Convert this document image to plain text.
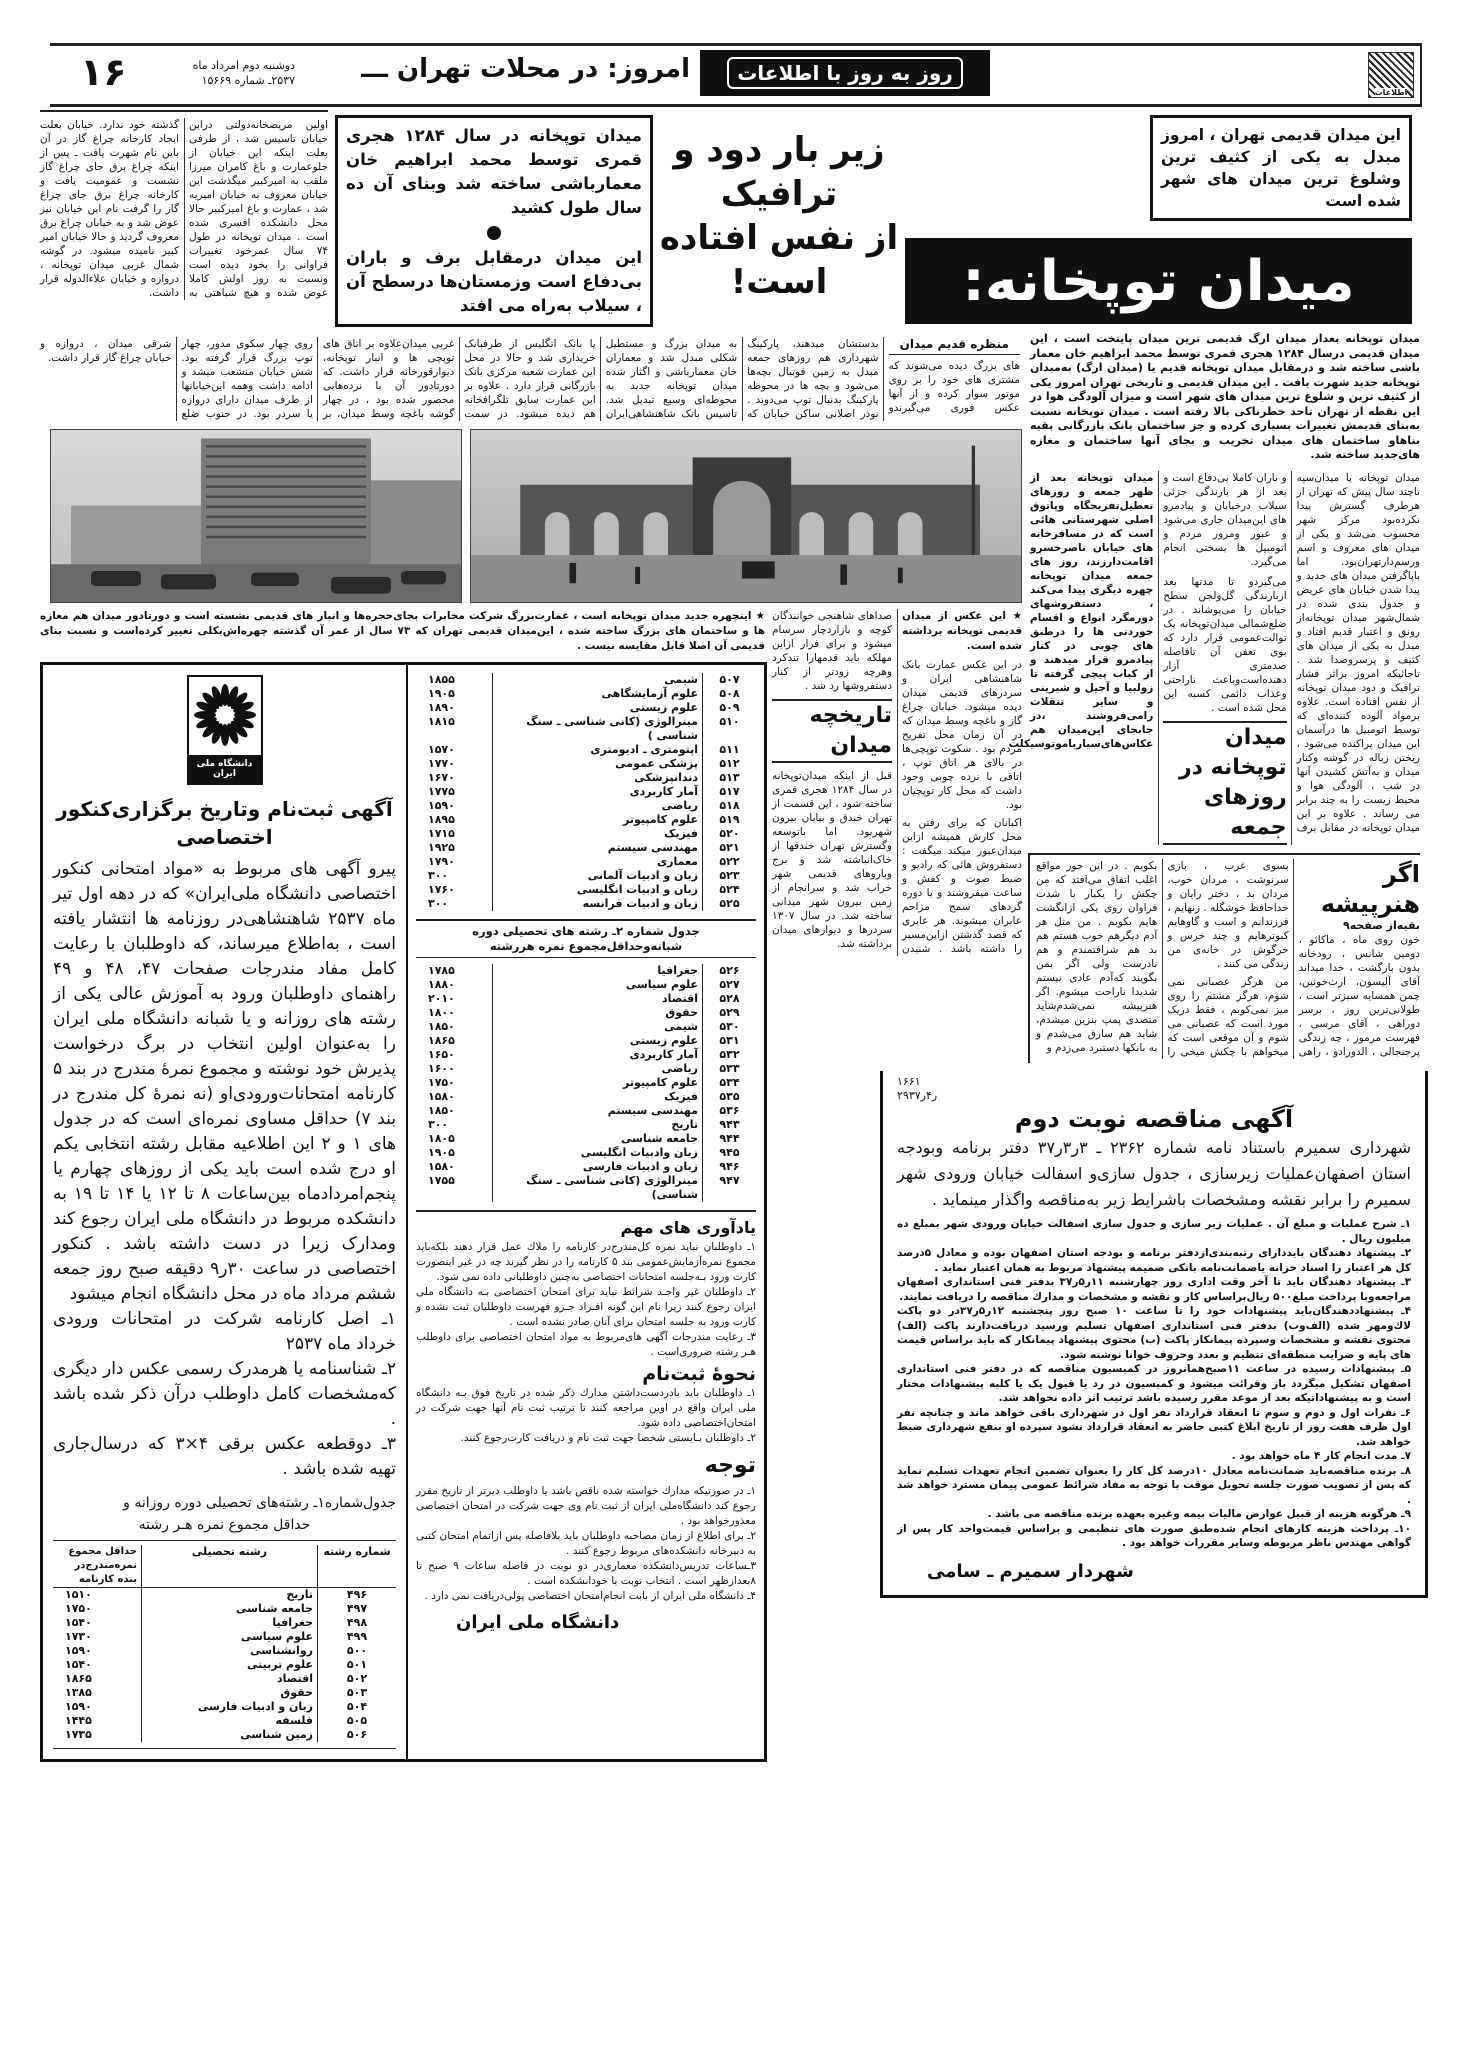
اطلاعات
روز به روز با اطلاعات
امروز: در محلات تهران ـــ
دوشنبه دوم امرداد ماه
۲۵۳۷ـ شماره ۱۵۶۶۹
۱۶
این میدان قدیمی تهران ، امروز مبدل به یکی از کثیف ترین وشلوغ ترین میدان های شهر شده است
میدان توپخانه:
زیر بار دود و ترافیک
از نفس افتاده است!
میدان توپخانه در سال ۱۲۸۴ هجری قمری توسط محمد ابراهیم خان معمارباشی ساخته شد وبنای آن ده سال طول کشید
این میدان درمقابل برف و باران بی‌دفاع است وزمستان‌ها درسطح آن ، سیلاب به‌راه می افتد
اولین مریضخانه‌دولتی دراین خیابان تاسیس شد ، از طرفی بعلت اینکه این خیابان از جلوعمارت و باغ کامران میرزا ملقب به امیرکبیر میگذشت این خیابان معروف به خیابان امیریه شد ، عمارت و باغ امیرکبیر حالا محل دانشکده افسری شده است . میدان توپخانه در طول ۷۴ سال عمرخود تغییرات فراوانی را بخود دیده است ونسبت به روز اولش کاملا عوض شده و هیچ شباهتی به گذشته خود ندارد. خیابان بعلت ایجاد کارخانه چراغ گاز در آن باین نام شهرت یافت ـ پس از اینکه چراغ برق جای چراغ گاز نشست و عمومیت یافت و کارخانه چراغ برق جای چراغ گاز را گرفت نام این خیابان نیز عوض شد و به خیابان چراغ برق معروف گردید و حالا خیابان امیر کبیر نامیده میشود. در گوشه شمال غربی میدان توپخانه ، دروازه و خیابان علاءالدوله قرار داشت.
میدان توپخانه بعداز میدان ارگ قدیمی ترین میدان پایتخت است ، این میدان قدیمی درسال ۱۲۸۴ هجری قمری توسط محمد ابراهیم خان معمار باشی ساخته شد و درمقابل میدان توپخانه قدیم یا (میدان ارگ) به‌میدان توپخانه جدید شهرت یافت . این میدان قدیمی و تاریخی تهران امروز یکی از کثیف ترین و شلوغ ترین میدان های شهر است و میزان آلودگی هوا در این نقطه از تهران تاحد خطرناکی بالا رفته است . میدان توپخانه نسبت به‌بنای قدیمش تغییرات بسیاری کرده و جز ساختمان بانک بازرگانی بقیه بناهاو ساختمان های میدان تخریب و بجای آنها ساختمان و مغازه های‌جدید ساخته شد.
منظره قدیم میدان
های بزرگ دیده می‌شوند که مشتری های خود را بر روی موتور سوار کرده و از آنها عکس فوری می‌گیرندو بدستشان میدهند، پارکینگ شهرداری هم روزهای جمعه مبدل به زمین فوتبال بچه‌ها می‌شود و بچه ها در محوطه پارکینگ بدنبال توپ می‌دوند . نوذر اصلانی ساکن خیابان که به میدان بزرگ و مستطیل شکلی مبدل شد و معماران خان معمارباشی و اگثار شده میدان توپخانه جدید به محوطه‌ای وسیع تبدیل شد. تاسیس بانک شاهنشاهی‌ایران یا بانک انگلیس از طرفبانک خریداری شد و حالا در محل این عمارت شعبه مرکزی بانک بازرگانی قرار دارد . علاوه بر این عمارت سابق تلگرافخانه هم دیده میشود. در سمت غربی میدان‌علاوه بر اتاق های توپچی ها و انبار توپخانه، دیوارقورخانه قرار داشت. که دورتادور آن با نرده‌هایی محصور شده بود ، در چهار گوشه باغچه وسط میدان، بر روی چهار سکوی مدور، چهار توپ بزرگ قرار گرفته بود. شش خیابان منشعب میشد و ادامه داشت وهمه این‌خیابانها از طرف میدان دارای دروازه یا سردر بود. در جنوب ضلع شرقی میدان ، دروازه و خیابان چراغ گاز قرار داشت.
میدان توپخانه یا میدان‌سپه تاچند سال پیش که تهران از هرطرف گسترش پیدا نکرده‌بود مرکز شهر محسوب می‌شد و یکی از میدان های معروف و اسم ورسم‌دارتهران‌بود. اما باپاگرفتن میدان های جدید و پیدا شدن خیابان های عریض و جدول بندی شده در شمال‌شهر میدان توپخانه‌از رونق و اعتبار قدیم افتاد و مبدل به یکی از میدان های کثیف و پرسروصدا شد . تاجائیکه امروز براثر فشار ترافیک و دود میدان توپخانه از نفس افتاده است. علاوه برمواد آلوده کننده‌ای که توسط اتومبیل ها درآسمان این میدان پراکنده می‌شود ، ریختن زباله در گوشه وکنار میدان و به‌آتش کشیدن آنها در شب ، آلودگی هوا و محیط زیست را به چند برابر می رساند . علاوه بر این میدان توپخانه در مقابل برف و باران کاملا بی‌دفاع است و بعد از هر بارندگی جزئی سیلاب درخیابان و پیادمرو های این‌میدان جاری می‌شود و عبور ومرور مردم و اتومبیل ها بسختی انجام می‌گیرد.
می‌گیردو تا مدتها بعد ازبارندگی گل‌ولجن سطح خیابان را می‌پوشاند . در ضلع‌شمالی میدان‌توپخانه یک توالت‌عمومی قرار دارد که بوی تعفن آن تافاصله صدمتری آزار دهنده‌است‌وباعث ناراحتی وعذاب دائمی کسبه این محل شده است .
میدان توپخانه در روزهای جمعه
میدان توپخانه بعد از ظهر جمعه و روزهای تعطیل‌تفریحگاه وپاتوق اصلی شهرستانی هائی است که در مسافرخانه های خیابان ناصرخسرو اقامت‌دارزند، روز های جمعه میدان توپخانه چهره دیگری پیدا می‌کند ، دستفروشهای دورمگرد انواع و اقسام خوردنی ها را درطبق های چوبی در کنار پیادمرو قرار میدهند و از کباب پیچی گرفته تا زولبیا و آجیل و شیرینی و سایر تنقلات رامی‌فروشند ،در جابجای این‌میدان هم عکاس‌های‌سیارباموتوسیکلت
★ اینچهره جدید میدان توپخانه است ، عمارت‌بزرگ شرکت مخابرات بجای‌حجره‌ها و انبار های قدیمی نشسته است و دورتادور میدان هم مغازه ها و ساختمان های بزرگ ساخته شده ، این‌میدان قدیمی تهران که ۷۳ سال از عمر آن گذشته چهره‌اش‌بکلی تغییر کرده‌است و نسبت بنای قدیمی آن اصلا قابل مقایسه نیست .
★ این عکس از میدان قدیمی توپخانه برداشته شده است.
در این عکس عمارت بانک شاهنشاهی ایران و سردرهای قدیمی میدان دیده میشود. خیابان چراغ گاز و باغچه وسط میدان که در آن زمان محل تفریح مردم بود . سکوت توپچی‌ها در بالای هر اتاق توپ ، اتاقی با نرده چوبی وجود داشت که محل کار توپچیان بود.
اکبانان که برای رفتن به محل کارش همیشه ازاین میدان‌عبور میکند میگفت : دستفروش هائی که رادیو و ضبط صوت و کفش و ساعت میفروشند و یا دوره گردهای سمج مزاحم عابران میشوند. هر عابری که قصد گذشتن ازاین‌مسیر را داشته باشد . شنیدن صداهای شاهنجی خوانندگان کوچه و بازاردچار سرسام میشود و برای فرار ازاین مهلکه باید قدمهارا تندکرد وهرچه زودتر از کنار دستفروشها رد شد .
تاریخچه میدان
قبل از اینکه میدان‌توپخانه در سال ۱۲۸۴ هجری قمری ساخته شود ، این قسمت از تهران خندق و بیابان بیرون شهربود. اما باتوسعه وگسترش تهران خندقها از خاک‌انباشته شد و برج وباروهای قدیمی شهر خراب شد و سرانجام از زمین بیرون شهر میدانی ساخته شد. در سال ۱۳۰۷ سردرها و دیوارهای میدان برداشته شد.
اگر هنرپیشه
بقیه‌از صفحه۹
خون روی ماه ، ماکائو ، دومین شانس ، رودخانه بدون بازگشت ، خدا میداند آقای آلیسون، ارث‌خونین، چمن همسایه سبزتر است ، طولانی‌ترین روز ، برسر دوراهی ، آقای مرسی ، فهرست مرموز ، چه زندگی پرجنجالی ، الدورادو ، راهی بسوی غرب ، بازی سرنوشت ، مردان خوب، مردان بد ، دختر رایان و خداحافظ خوشگله . زنهایم ، فرزندانم و اسب و گاوهایم کبوترهایم و چند خرس و خرگوش در خانه‌ی من زندگی می کنند .
من هرگز عصبانی نمی شوم، هرگز مشتم را روی میز نمی‌کوبم ، فقط دریک مورد است که عصبانی می شوم و آن موقعی است که میخواهم با چکش میخی را بکوبم . در این جور مواقع اغلب اتفاق می‌افتد که من چکش را یکبار با شدت فراوان روی یکی ازانگشت هایم بکوبم . من مثل هر آدم دیگرهم خوب هستم هم بد هم شرافتمندم و هم نادرست ولی اگر بمن بگویند که‌آدم عادی نیستم شدیدا ناراحت میشوم. اگر هنرپیشه نمی‌شدم‌شاید متصدی پمپ بنزین میشدم، شاید هم سارق می‌شدم و به بانکها دستبرد می‌زدم و
۵۰۷	شیمی	۱۸۵۵
۵۰۸	علوم آزمایشگاهی	۱۹۰۵
۵۰۹	علوم زیستی	۱۸۹۰
۵۱۰	مینرالوژی (کانی شناسی ـ سنگ شناسی )	۱۸۱۵
۵۱۱	اپتومتری ـ ادیومتری	۱۵۷۰
۵۱۲	پزشکی عمومی	۱۷۷۰
۵۱۳	دندانپزشکی	۱۶۷۰
۵۱۷	آمار کاربردی	۱۷۷۵
۵۱۸	ریاضی	۱۵۹۰
۵۱۹	علوم کامپیوتر	۱۸۹۵
۵۲۰	فیزیک	۱۷۱۵
۵۲۱	مهندسی سیستم	۱۹۲۵
۵۲۲	معماری	۱۷۹۰
۵۲۳	زبان و ادبیات آلمانی	۳۰۰
۵۲۴	زبان و ادبیات انگلیسی	۱۷۶۰
۵۲۵	زبان و ادبیات فرانسه	۳۰۰
جدول شماره ۲ـ رشته های تحصیلی دوره شبانه‌وحداقل‌مجموع نمره هررشته
۵۲۶	جغرافیا	۱۷۸۵
۵۲۷	علوم سیاسی	۱۸۸۰
۵۲۸	اقتصاد	۲۰۱۰
۵۲۹	حقوق	۱۸۰۰
۵۳۰	شیمی	۱۸۵۰
۵۳۱	علوم زیستی	۱۸۶۵
۵۳۲	آمار کاربردی	۱۶۵۰
۵۳۳	ریاضی	۱۶۰۰
۵۳۴	علوم کامپیوتر	۱۷۵۰
۵۳۵	فیزیک	۱۵۸۰
۵۳۶	مهندسی سیستم	۱۸۵۰
۹۴۳	تاریخ	۳۰۰
۹۴۴	جامعه شناسی	۱۸۰۵
۹۴۵	زبان وادبیات انگلیسی	۱۹۰۵
۹۴۶	زبان و ادبیات فارسی	۱۵۸۰
۹۴۷	مینرالوژی (کانی شناسی ـ سنگ شناسی)	۱۷۵۵
یادآوری های مهم
۱ـ داوطلبان نباید نمره کل‌مندرج‌در کارنامه را ملاك عمل قرار دهند بلکه‌باید مجموع نمره‌آزمایش‌عمومی بند ۵ کارنامه را در نظر گیرند چه در غیر اینصورت کارت ورود بـه‌جلسه امتحانات اختصاصی به‌چنین داوطلبانی داده نمی شود.
۲ـ داوطلبان غیر واجـد شرائط نباید برای امتحان اختصاصی بـه دانشگاه ملی ایران رجوع کنند زیرا نام این گونه افـراد جـزو فهرست داوطلبان ثبت نشده و کارت ورود به جلسه امتحان برای آنان صادر نشده است .
۳ـ رعایت مندرجات آگهی های‌مربوط به مواد امتحان اختصاصی برای داوطلب هـر رشته ضروری‌است .
نحوهٔ ثبت‌نام
۱ـ داوطلبان باید بادردست‌داشتن مدارك ذکر شده در تاریخ فوق بـه دانشگاه ملی ایران واقع در اوین مراجعه کنند تا ترتیب ثبت نام آنها جهت شرکت در امتحان‌اختصاصی داده شود.
۲ـ داوطلبان بـایستی شخصا جهت ثبت نام و دریافت کارت‌رجوع کنند.
توجه
۱ـ در صورتیکه مدارك خواسته شده ناقص باشد یا داوطلب دیرتر از تاریخ مقرر رجوع کند دانشگاه‌ملی ایران از ثبت نام وی جهت شرکت در امتحان اختصاصی معذورخواهد بود .
۲ـ برای اطلاع از زمان مصاحبه داوطلبان باید بلافاصله پس ازاتمام امتحان کتبی به دبیرخانه دانشکده‌های مربوط رجوع کنند .
۳ـساعات تدریس‌دانشکده معماری‌در دو نوبت در فاصله ساعات ۹ صبح تا ۸بعدازظهر است . انتخاب نوبت با خودانشکده است .
۴ـ دانشگاه ملی ایران از بابت انجام‌امتحان اختصاصی پولی‌دریافت نمی دارد .
دانشگاه ملی ایران
دانشگاه ملی ایران
آگهی ثبت‌نام وتاریخ برگزاری‌کنکور اختصاصی
پیرو آگهی های مربوط به «مواد امتحانی کنکور اختصاصی دانشگاه ملی‌ایران» که در دهه اول تیر ماه ۲۵۳۷ شاهنشاهی‌در روزنامه ها انتشار یافته است ، به‌اطلاع میرساند، که داوطلبان با رعایت کامل مفاد مندرجات صفحات ۴۷، ۴۸ و ۴۹ راهنمای داوطلبان ورود به آموزش عالی یکی از رشته های روزانه و یا شبانه دانشگاه ملی ایران را به‌عنوان اولین انتخاب در برگ درخواست پذیرش خود نوشته و مجموع نمرهٔ مندرج در بند ۵ کارنامه امتحانات‌ورودی‌او (نه نمرهٔ کل مندرج در بند ۷) حداقل مساوی نمره‌ای است که در جدول های ۱ و ۲ این اطلاعیه مقابل رشته انتخابی یکم او درج شده است باید یکی از روزهای چهارم یا پنجم‌امردادماه بین‌ساعات ۸ تا ۱۲ یا ۱۴ تا ۱۹ به دانشکده مربوط در دانشگاه ملی ایران رجوع کند ومدارک زیرا در دست داشته باشد . کنکور اختصاصی در ساعت ۳۰ر۹ دقیقه صبح روز جمعه ششم مرداد ماه در محل دانشگاه انجام میشود
۱ـ اصل کارنامه شرکت در امتحانات ورودی خرداد ماه ۲۵۳۷
۲ـ شناسنامه یا هرمدرک رسمی عکس دار دیگری که‌مشخصات کامل داوطلب درآن ذکر شده باشد .
۳ـ دوقطعه عکس برقی ۴×۳ که درسال‌جاری تهیه شده باشد .
جدول‌شماره۱ـ رشته‌های تحصیلی دوره روزانه و
حداقل مجموع نمره هـر رشته
شماره رشته	رشته تحصیلی	حداقل مجموع نمره‌مندرج‌در بنده کارنامه
۴۹۶	تاریخ	۱۵۱۰
۴۹۷	جامعه شناسی	۱۷۵۰
۴۹۸	جغرافیا	۱۵۴۰
۴۹۹	علوم سیاسی	۱۷۳۰
۵۰۰	روانشناسی	۱۵۹۰
۵۰۱	علوم تربیتی	۱۵۴۰
۵۰۲	اقتصاد	۱۸۶۵
۵۰۳	حقوق	۱۳۸۵
۵۰۴	زبان و ادبیات فارسی	۱۵۹۰
۵۰۵	فلسفه	۱۴۴۵
۵۰۶	زمین شناسی	۱۷۳۵
۱۶۶۱
۲۹ر۴ر۳۷
آگهی مناقصه نوبت دوم
شهرداری سمیرم باستناد نامه شماره ۲۳۶۲ ـ ۳ر۳ر۳۷ دفتر برنامه وبودجه استان اصفهان‌عملیات زیرسازی ، جدول سازی‌و اسفالت خیابان ورودی شهر سمیرم را برابر نقشه ومشخصات باشرایط زیر به‌مناقصه واگذار مینماید .
۱ـ شرح عملیات و مبلغ آن . عملیات زیر سازی و جدول سازی اسفالت خیابان ورودی شهر بمبلغ ده میلیون ریال .
۲ـ پیشنهاد دهندگان بایددارای رتبه‌بندی‌ازدفتر برنامه و بودجه استان اصفهان بوده و معادل ۵درصد کل هر اعتبار را اسناد خزانه یاضمانت‌نامه بانکی ضمیمه پیشنهاد مربوط به همان اعتبار نماید .
۳ـ پیشنهاد دهندگان باید تا آخر وقت اداری روز چهارشنبه ۱۱ر۵ر۳۷ بدفتر فنی استانداری اصفهان مراجعه‌وبا پرداخت مبلغ۵۰۰ ریال‌براساس کار و نقشه و مشخصات و مدارك مناقصه را دریافت نمایند.
۴ـ پیشنهاددهندگان‌باید پیشنهادات خود را تا ساعت ۱۰ صبح روز پنجشنبه ۱۲ر۵ر۳۷در دو پاکت لاك‌ومهر شده (الف‌وب) بدفتر فنی استانداری اصفهان تسلیم ورسید دریافت‌دارند پاکت (الف) محتوی نقشه و مشخصات وسپرده پیمانکار پاکت (ب) محتوی پیشنهاد پیمانکار که باید براساس قیمت های پایه و ضرایب منطقه‌ای تنظیم و بعدد وحروف خوانا نوشته شود.
۵ـ پیشنهادات رسیده در ساعت ۱۱صبح‌همانروز در کمیسیون مناقصه که در دفتر فنی استانداری اصفهان تشکیل میگردد باز وقرائت میشود و کمیسیون در رد یا قبول یک یا کلیه پیشنهادات مختار است و به پیشنهاداتیکه بعد از موعد مقرر رسیده باشد ترتیب اثر داده نخواهد شد.
۶ـ نفرات اول و دوم و سوم تا انعقاد قرارداد نفر اول در شهرداری باقی خواهد ماند و چنانچه نفر اول ظرف هفت روز از تاریخ ابلاغ کتبی حاضر به انعقاد قرارداد نشود سپرده او بنفع شهرداری ضبط خواهد شد.
۷ـ مدت انجام کار ۴ ماه خواهد بود .
۸ـ برنده مناقصه‌باید ضمانت‌نامه معادل ۱۰درصد کل کار را بعنوان تضمین انجام تعهدات تسلیم نماید که پس از تصویب صورت جلسه تحویل موقت با توجه به مفاد شرائط عمومی پیمان مسترد خواهد شد .
۹ـ هرگونه هزینه از قبیل عوارض مالیات بیمه وغیره بعهده برنده مناقصه می باشد .
۱۰ـ پرداخت هزینه کارهای انجام شده‌طبق صورت های تنظیمی و براساس قیمت‌واحد کار پس از گواهی مهندس ناظر مربوطه وسایر مقررات خواهد بود .
شهردار سمیرم ـ سامی
